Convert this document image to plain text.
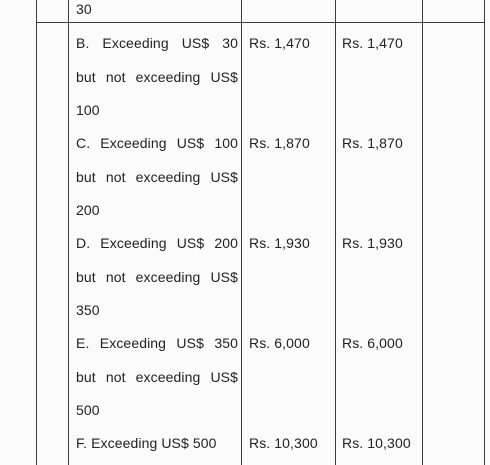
30
B. Exceeding US$ 30
but not exceeding US$
100
Rs. 1,470 Rs. 1,470
C. Exceeding US$ 100
but not exceeding US$
200
Rs. 1,870 Rs. 1,870
D. Exceeding US$ 200
but not exceeding US$
350
Rs. 1,930 Rs. 1,930
E. Exceeding US$ 350
but not exceeding US$
500
Rs. 6,000 Rs. 6,000
F. Exceeding US$ 500	Rs. 10,300 Rs. 10,300
